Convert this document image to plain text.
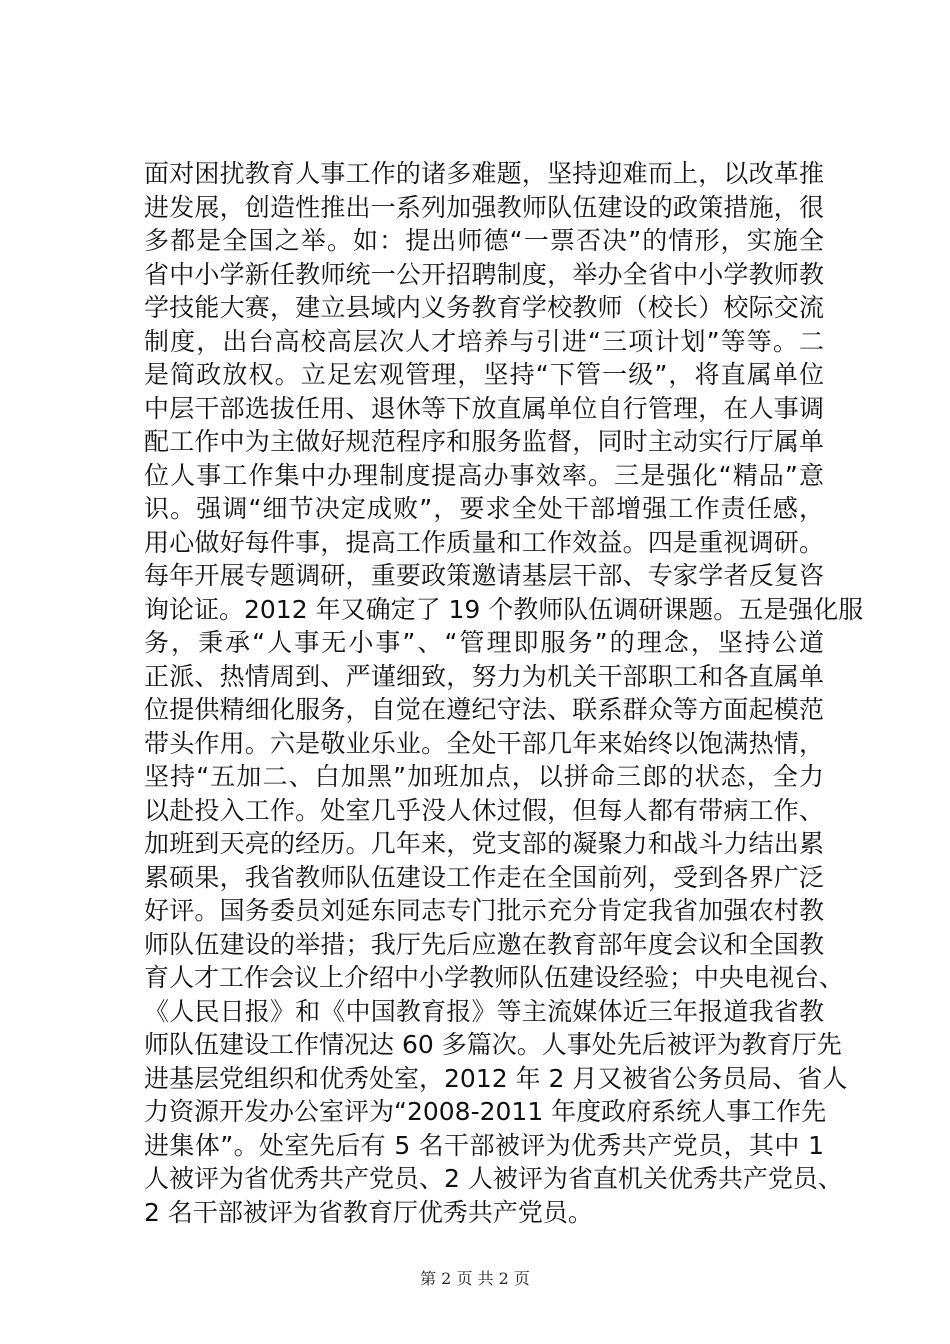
面对困扰教育人事工作的诸多难题，坚持迎难而上，以改革推
进发展，创造性推出一系列加强教师队伍建设的政策措施，很
多都是全国之举。如：提出师德“一票否决”的情形，实施全
省中小学新任教师统一公开招聘制度，举办全省中小学教师教
学技能大赛，建立县域内义务教育学校教师（校长）校际交流
制度，出台高校高层次人才培养与引进“三项计划”等等。二
是简政放权。立足宏观管理，坚持“下管一级”，将直属单位
中层干部选拔任用、退休等下放直属单位自行管理，在人事调
配工作中为主做好规范程序和服务监督，同时主动实行厅属单
位人事工作集中办理制度提高办事效率。三是强化“精品”意
识。强调“细节决定成败”，要求全处干部增强工作责任感，
用心做好每件事，提高工作质量和工作效益。四是重视调研。
每年开展专题调研，重要政策邀请基层干部、专家学者反复咨
询论证。2012 年又确定了 19 个教师队伍调研课题。五是强化服
务，秉承“人事无小事”、“管理即服务”的理念，坚持公道
正派、热情周到、严谨细致，努力为机关干部职工和各直属单
位提供精细化服务，自觉在遵纪守法、联系群众等方面起模范
带头作用。六是敬业乐业。全处干部几年来始终以饱满热情，
坚持“五加二、白加黑”加班加点，以拼命三郎的状态，全力
以赴投入工作。处室几乎没人休过假，但每人都有带病工作、
加班到天亮的经历。几年来，党支部的凝聚力和战斗力结出累
累硕果，我省教师队伍建设工作走在全国前列，受到各界广泛
好评。国务委员刘延东同志专门批示充分肯定我省加强农村教
师队伍建设的举措；我厅先后应邀在教育部年度会议和全国教
育人才工作会议上介绍中小学教师队伍建设经验；中央电视台、
《人民日报》和《中国教育报》等主流媒体近三年报道我省教
师队伍建设工作情况达 60 多篇次。人事处先后被评为教育厅先
进基层党组织和优秀处室，2012 年 2 月又被省公务员局、省人
力资源开发办公室评为“2008-2011 年度政府系统人事工作先
进集体”。处室先后有 5 名干部被评为优秀共产党员，其中 1
人被评为省优秀共产党员、2 人被评为省直机关优秀共产党员、
2 名干部被评为省教育厅优秀共产党员。
第 2 页 共 2 页
